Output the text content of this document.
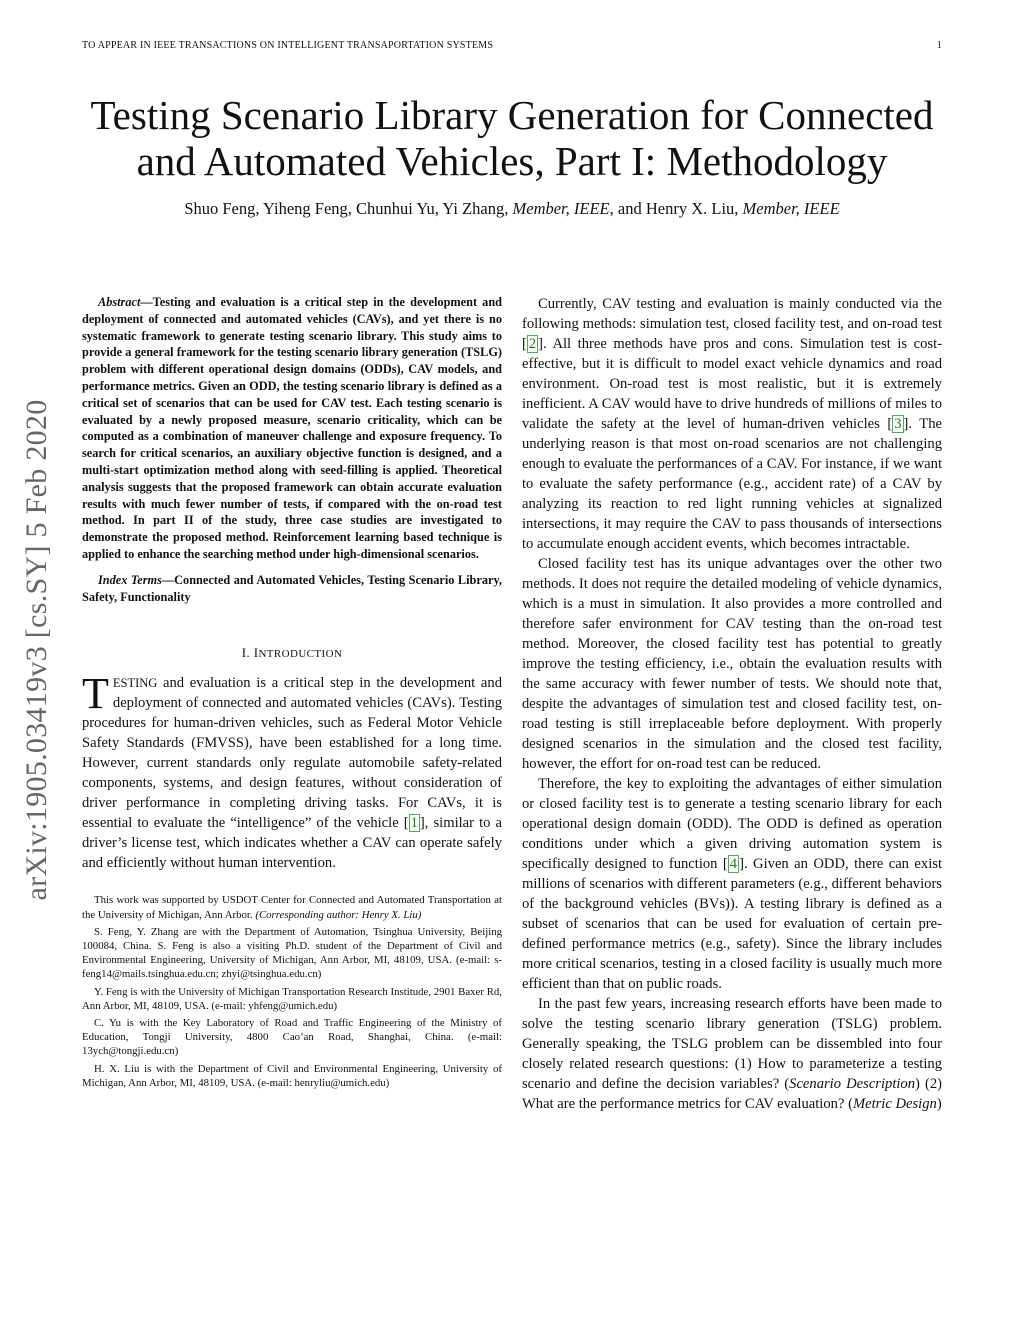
TO APPEAR IN IEEE TRANSACTIONS ON INTELLIGENT TRANSAPORTATION SYSTEMS	1
Testing Scenario Library Generation for Connected
and Automated Vehicles, Part I: Methodology
Shuo Feng, Yiheng Feng, Chunhui Yu, Yi Zhang, Member, IEEE, and Henry X. Liu, Member, IEEE
arXiv:1905.03419v3 [cs.SY] 5 Feb 2020

Abstract—Testing and evaluation is a critical step in the development and deployment of connected and automated vehicles (CAVs), and yet there is no systematic framework to generate testing scenario library. This study aims to provide a general framework for the testing scenario library generation (TSLG) problem with different operational design domains (ODDs), CAV models, and performance metrics. Given an ODD, the testing scenario library is defined as a critical set of scenarios that can be used for CAV test. Each testing scenario is evaluated by a newly proposed measure, scenario criticality, which can be computed as a combination of maneuver challenge and exposure frequency. To search for critical scenarios, an auxiliary objective function is designed, and a multi-start optimization method along with seed-filling is applied. Theoretical analysis suggests that the proposed framework can obtain accurate evaluation results with much fewer number of tests, if compared with the on-road test method. In part II of the study, three case studies are investigated to demonstrate the proposed method. Reinforcement learning based technique is applied to enhance the searching method under high-dimensional scenarios.

Index Terms—Connected and Automated Vehicles, Testing Scenario Library, Safety, Functionality

I. INTRODUCTION

TESTING and evaluation is a critical step in the development and deployment of connected and automated vehicles (CAVs). Testing procedures for human-driven vehicles, such as Federal Motor Vehicle Safety Standards (FMVSS), have been established for a long time. However, current standards only regulate automobile safety-related components, systems, and design features, without consideration of driver performance in completing driving tasks. For CAVs, it is essential to evaluate the “intelligence” of the vehicle [ 1 ], similar to a driver’s license test, which indicates whether a CAV can operate safely and efficiently without human intervention.

This work was supported by USDOT Center for Connected and Automated Transportation at the University of Michigan, Ann Arbor. (Corresponding author: Henry X. Liu)

S. Feng, Y. Zhang are with the Department of Automation, Tsinghua University, Beijing 100084, China. S. Feng is also a visiting Ph.D. student of the Department of Civil and Environmental Engineering, University of Michigan, Ann Arbor, MI, 48109, USA. (e-mail: s-feng14@mails.tsinghua.edu.cn; zhyi@tsinghua.edu.cn)

Y. Feng is with the University of Michigan Transportation Research Institude, 2901 Baxer Rd, Ann Arbor, MI, 48109, USA. (e-mail: yhfeng@umich.edu)

C. Yu is with the Key Laboratory of Road and Traffic Engineering of the Ministry of Education, Tongji University, 4800 Cao’an Road, Shanghai, China. (e-mail: 13ych@tongji.edu.cn)

H. X. Liu is with the Department of Civil and Environmental Engineering, University of Michigan, Ann Arbor, MI, 48109, USA. (e-mail: henryliu@umich.edu)

Currently, CAV testing and evaluation is mainly conducted via the following methods: simulation test, closed facility test, and on-road test [ 2 ]. All three methods have pros and cons. Simulation test is cost-effective, but it is difficult to model exact vehicle dynamics and road environment. On-road test is most realistic, but it is extremely inefficient. A CAV would have to drive hundreds of millions of miles to validate the safety at the level of human-driven vehicles [ 3 ]. The underlying reason is that most on-road scenarios are not challenging enough to evaluate the performances of a CAV. For instance, if we want to evaluate the safety performance (e.g., accident rate) of a CAV by analyzing its reaction to red light running vehicles at signalized intersections, it may require the CAV to pass thousands of intersections to accumulate enough accident events, which becomes intractable.

Closed facility test has its unique advantages over the other two methods. It does not require the detailed modeling of vehicle dynamics, which is a must in simulation. It also provides a more controlled and therefore safer environment for CAV testing than the on-road test method. Moreover, the closed facility test has potential to greatly improve the testing efficiency, i.e., obtain the evaluation results with the same accuracy with fewer number of tests. We should note that, despite the advantages of simulation test and closed facility test, on-road testing is still irreplaceable before deployment. With properly designed scenarios in the simulation and the closed test facility, however, the effort for on-road test can be reduced.

Therefore, the key to exploiting the advantages of either simulation or closed facility test is to generate a testing scenario library for each operational design domain (ODD). The ODD is defined as operation conditions under which a given driving automation system is specifically designed to function [ 4 ]. Given an ODD, there can exist millions of scenarios with different parameters (e.g., different behaviors of the background vehicles (BVs)). A testing library is defined as a subset of scenarios that can be used for evaluation of certain pre-defined performance metrics (e.g., safety). Since the library includes more critical scenarios, testing in a closed facility is usually much more efficient than that on public roads.

In the past few years, increasing research efforts have been made to solve the testing scenario library generation (TSLG) problem. Generally speaking, the TSLG problem can be dissembled into four closely related research questions: (1) How to parameterize a testing scenario and define the decision variables? (Scenario Description) (2) What are the performance metrics for CAV evaluation? (Metric Design)
